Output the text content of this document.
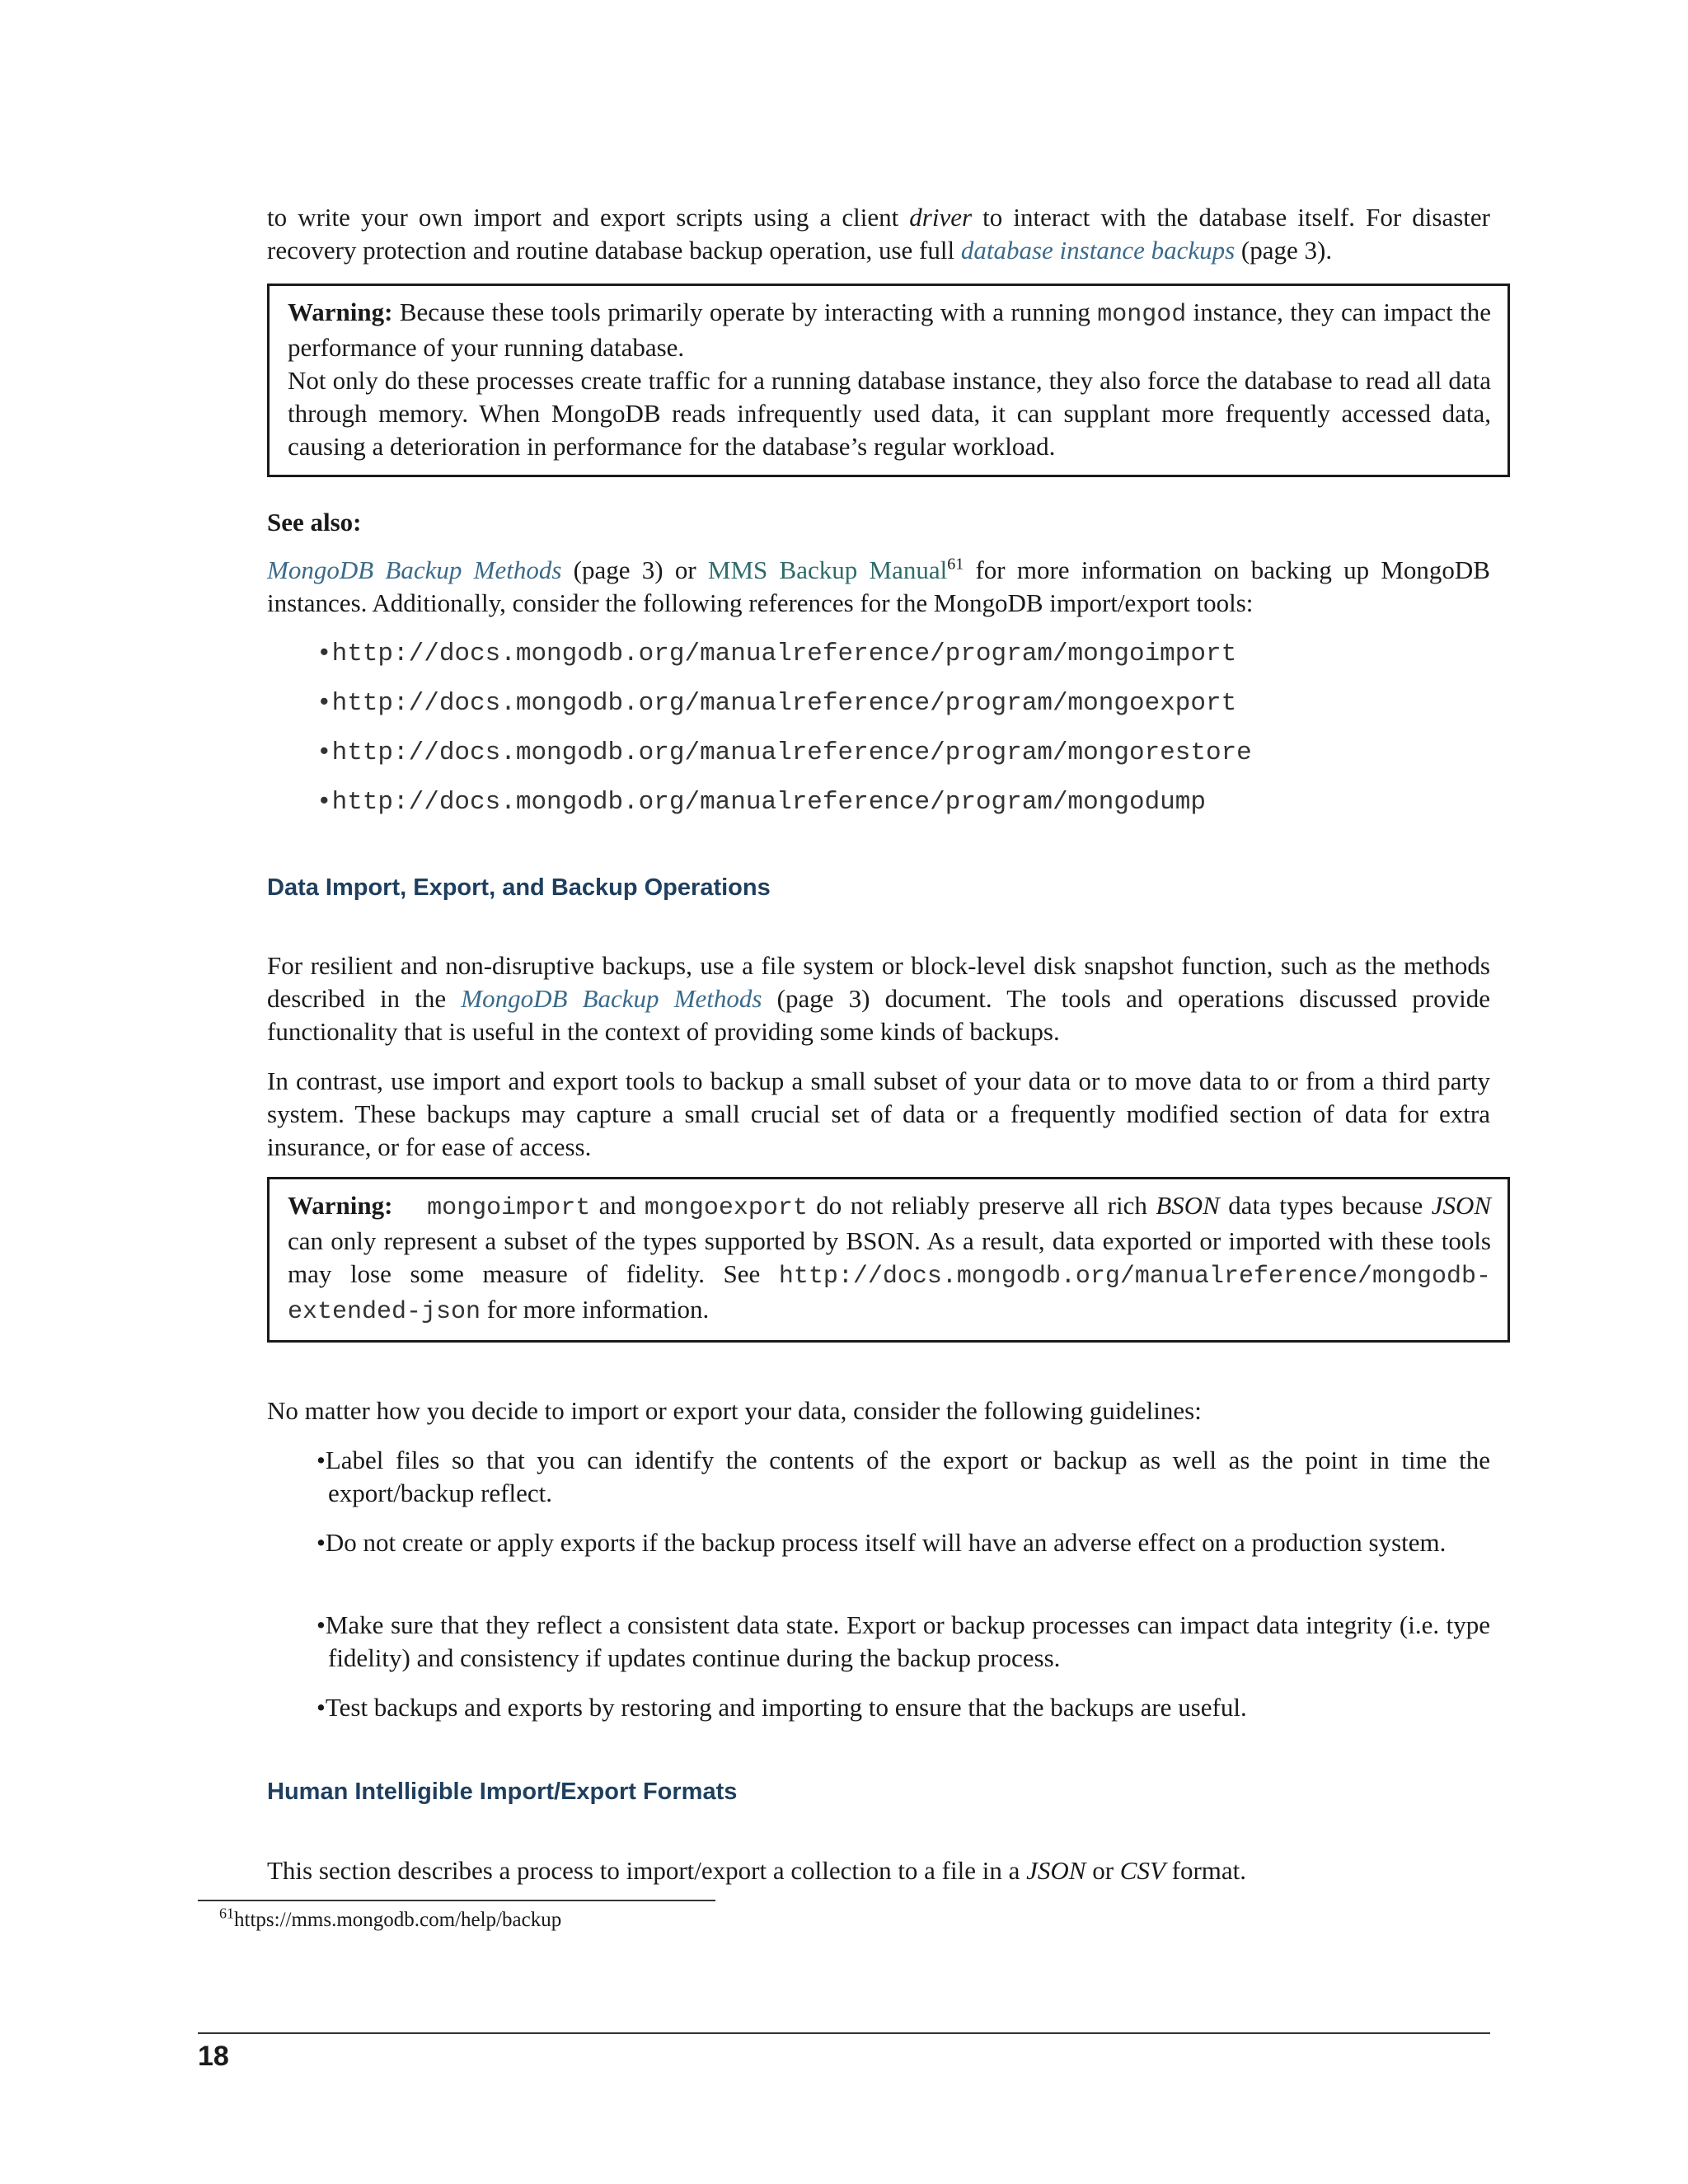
to write your own import and export scripts using a client driver to interact with the database itself. For disaster recovery protection and routine database backup operation, use full database instance backups (page 3).

Warning: Because these tools primarily operate by interacting with a running mongod instance, they can impact the performance of your running database.
Not only do these processes create traffic for a running database instance, they also force the database to read all data through memory. When MongoDB reads infrequently used data, it can supplant more frequently accessed data, causing a deterioration in performance for the database’s regular workload.
See also:

MongoDB Backup Methods (page 3) or MMS Backup Manual$^{61}$ for more information on backing up MongoDB instances. Additionally, consider the following references for the MongoDB import/export tools:

•http://docs.mongodb.org/manualreference/program/mongoimport
•http://docs.mongodb.org/manualreference/program/mongoexport
•http://docs.mongodb.org/manualreference/program/mongorestore
•http://docs.mongodb.org/manualreference/program/mongodump
Data Import, Export, and Backup Operations

For resilient and non-disruptive backups, use a file system or block-level disk snapshot function, such as the methods described in the MongoDB Backup Methods (page 3) document. The tools and operations discussed provide functionality that is useful in the context of providing some kinds of backups.

In contrast, use import and export tools to backup a small subset of your data or to move data to or from a third party system. These backups may capture a small crucial set of data or a frequently modified section of data for extra insurance, or for ease of access.

Warning: mongoimport and mongoexport do not reliably preserve all rich BSON data types because JSON can only represent a subset of the types supported by BSON. As a result, data exported or imported with these tools may lose some measure of fidelity. See http://docs.mongodb.org/manualreference/mongodb-extended-json for more information.

No matter how you decide to import or export your data, consider the following guidelines:

•Label files so that you can identify the contents of the export or backup as well as the point in time the export/backup reflect.
•Do not create or apply exports if the backup process itself will have an adverse effect on a production system.
•Make sure that they reflect a consistent data state. Export or backup processes can impact data integrity (i.e. type fidelity) and consistency if updates continue during the backup process.
•Test backups and exports by restoring and importing to ensure that the backups are useful.
Human Intelligible Import/Export Formats

This section describes a process to import/export a collection to a file in a JSON or CSV format.

$^{61}$https://mms.mongodb.com/help/backup
18
